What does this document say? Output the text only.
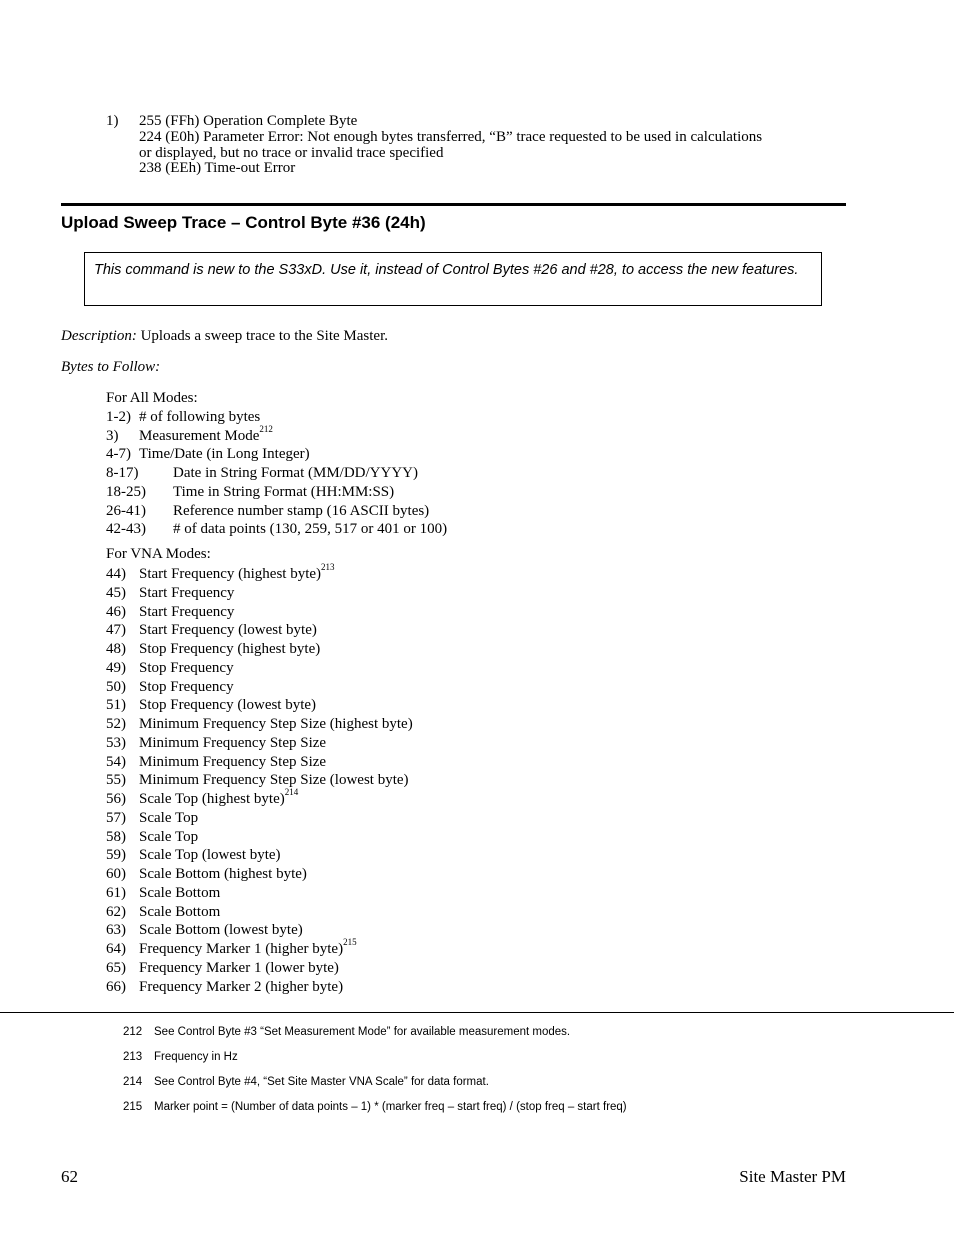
1) 255 (FFh) Operation Complete Byte
224 (E0h) Parameter Error: Not enough bytes transferred, “B” trace requested to be used in calculations
or displayed, but no trace or invalid trace specified
238 (EEh) Time-out Error
Upload Sweep Trace – Control Byte #36 (24h)
This command is new to the S33xD. Use it, instead of Control Bytes #26 and #28, to access the new features.
Description: Uploads a sweep trace to the Site Master.
Bytes to Follow:
For All Modes:
1-2) # of following bytes
3) Measurement Mode$^{212}$
4-7) Time/Date (in Long Integer)
8-17) Date in String Format (MM/DD/YYYY)
18-25) Time in String Format (HH:MM:SS)
26-41) Reference number stamp (16 ASCII bytes)
42-43) # of data points (130, 259, 517 or 401 or 100)
For VNA Modes:
44) Start Frequency (highest byte)$^{213}$
45) Start Frequency
46) Start Frequency
47) Start Frequency (lowest byte)
48) Stop Frequency (highest byte)
49) Stop Frequency
50) Stop Frequency
51) Stop Frequency (lowest byte)
52) Minimum Frequency Step Size (highest byte)
53) Minimum Frequency Step Size
54) Minimum Frequency Step Size
55) Minimum Frequency Step Size (lowest byte)
56) Scale Top (highest byte)$^{214}$
57) Scale Top
58) Scale Top
59) Scale Top (lowest byte)
60) Scale Bottom (highest byte)
61) Scale Bottom
62) Scale Bottom
63) Scale Bottom (lowest byte)
64) Frequency Marker 1 (higher byte)$^{215}$
65) Frequency Marker 1 (lower byte)
66) Frequency Marker 2 (higher byte)
212 See Control Byte #3 “Set Measurement Mode” for available measurement modes.
213 Frequency in Hz
214 See Control Byte #4, “Set Site Master VNA Scale” for data format.
215 Marker point = (Number of data points – 1) * (marker freq – start freq) / (stop freq – start freq)
62	Site Master PM
